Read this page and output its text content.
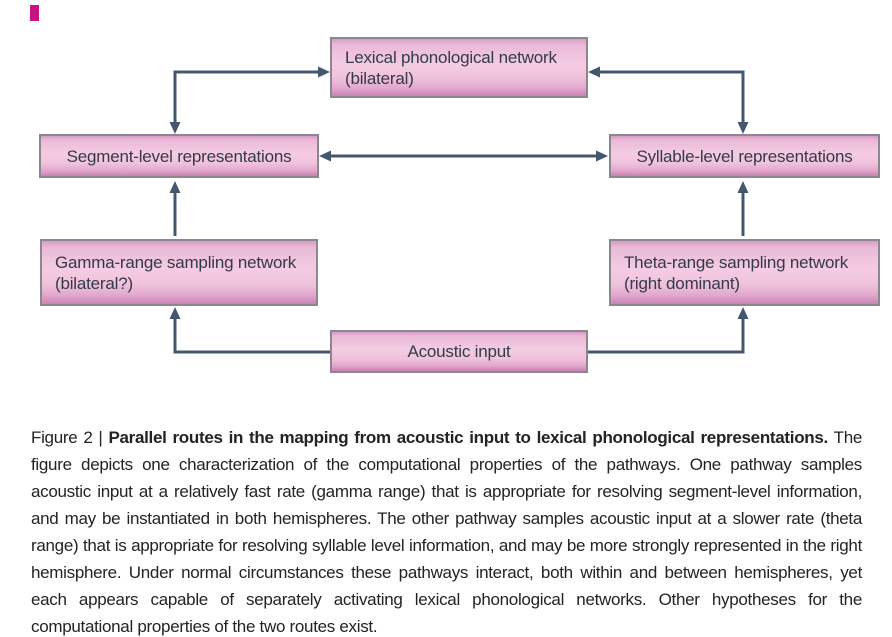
Lexical phonological network
(bilateral)
Segment-level representations	Syllable-level representations
Gamma-range sampling network
(bilateral?)
Theta-range sampling network
(right dominant)
Acoustic input

Figure 2 | Parallel routes in the mapping from acoustic input to lexical phonological representations. The figure depicts one characterization of the computational properties of the pathways. One pathway samples acoustic input at a relatively fast rate (gamma range) that is appropriate for resolving segment-level information, and may be instantiated in both hemispheres. The other pathway samples acoustic input at a slower rate (theta range) that is appropriate for resolving syllable level information, and may be more strongly represented in the right hemisphere. Under normal circumstances these pathways interact, both within and between hemispheres, yet each appears capable of separately activating lexical phonological networks. Other hypotheses for the computational properties of the two routes exist.
